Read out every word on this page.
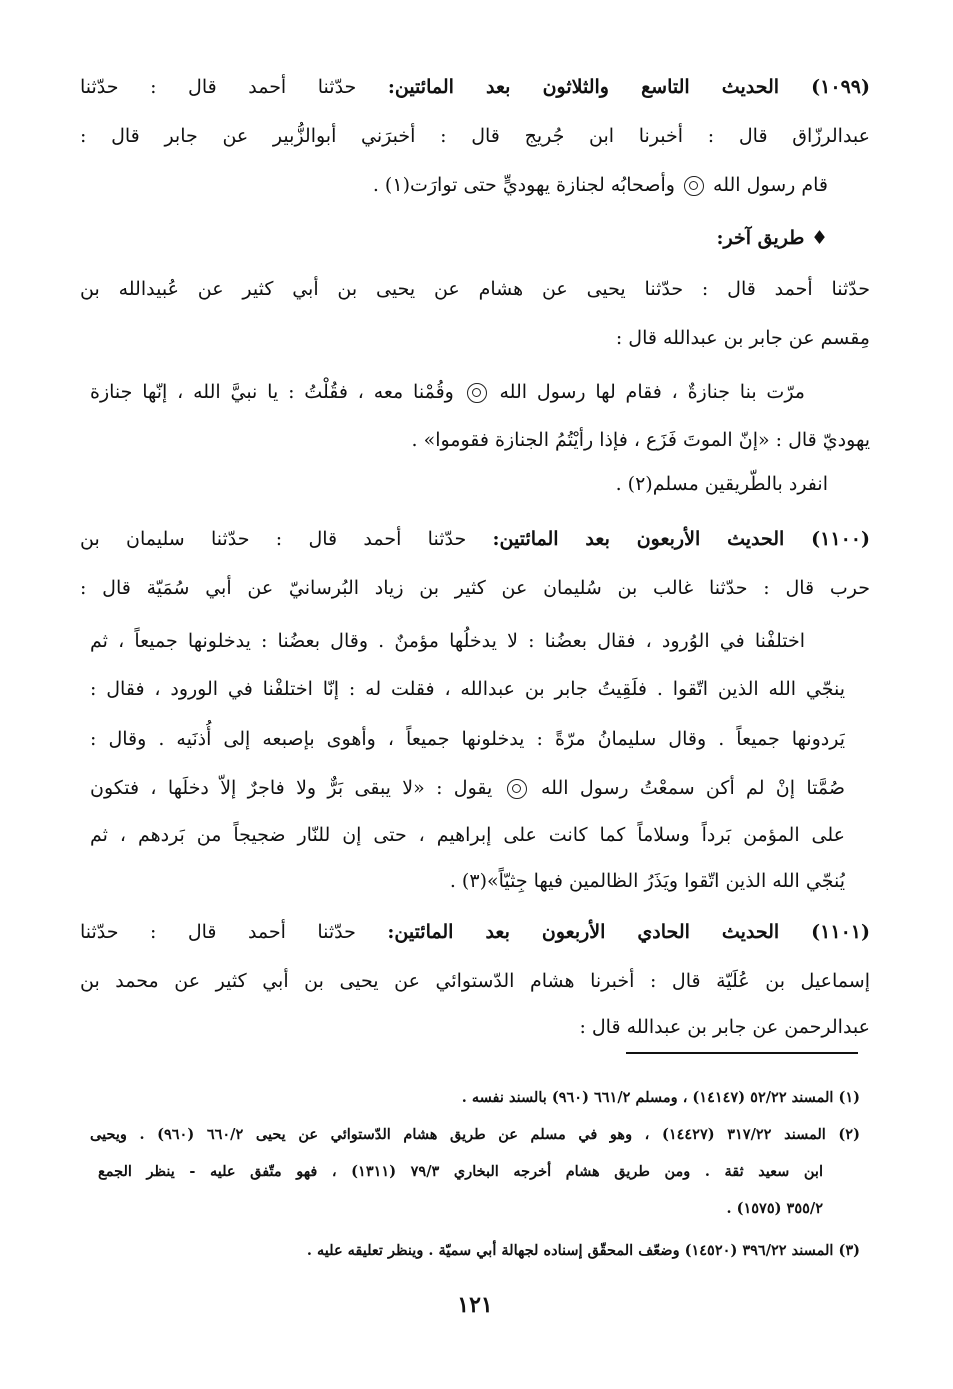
(١٠٩٩) الحديث التاسع والثلاثون بعد المائتين: حدّثنا أحمد قال : حدّثنا
عبدالرزّاق قال : أخبرنا ابن جُريج قال : أخبرَني أبوالزُّبير عن جابر قال :
قام رسول الله  وأصحابُه لجنازة يهوديٍّ حتى توارَت(١) .
♦ طريق آخر:
حدّثنا أحمد قال : حدّثنا يحيى عن هشام عن يحيى بن أبي كثير عن عُبيدالله بن
مِقسم عن جابر بن عبدالله قال :
مرّت بنا جنازةٌ ، فقام لها رسول الله  وقُمْنا معه ، فقُلْتُ : يا نبيَّ الله ، إنّها جنازة
يهوديّ قال : «إنّ الموتَ فَزَع ، فإذا رأيْتُمُ الجنازة فقوموا» .
انفرد بالطّريقين مسلم(٢) .
(١١٠٠) الحديث الأربعون بعد المائتين: حدّثنا أحمد قال : حدّثنا سليمان بن
حرب قال : حدّثنا غالب بن سُليمان عن كثير بن زياد البُرسانيّ عن أبي سُمَيّة قال :
اختلفْنا في الوُرود ، فقال بعضُنا : لا يدخلُها مؤمنٌ . وقال بعضُنا : يدخلونها جميعاً ، ثم
ينجّي الله الذين اتّقوا . فلَقِيتُ جابر بن عبدالله ، فقلت له : إنّا اختلفْنا في الورود ، فقال :
يَردونها جميعاً . وقال سليمانُ مرّةً : يدخلونها جميعاً ، وأهوى بإصبعه إلى أُذنَيه . وقال :
صُمَّتا إنْ لم أكن سمعْتُ رسول الله  يقول : «لا يبقى بَرٌّ ولا فاجرٌ إلاّ دخلَها ، فتكون
على المؤمن بَرداً وسلاماً كما كانت على إبراهيم ، حتى إن للنّار ضجيجاً من بَردهم ، ثم
يُنجّي الله الذين اتّقوا ويَذَرُ الظالمين فيها جِثيّاً»(٣) .
(١١٠١) الحديث الحادي الأربعون بعد المائتين: حدّثنا أحمد قال : حدّثنا
إسماعيل بن عُلَيّة قال : أخبرنا هشام الدّستوائي عن يحيى بن أبي كثير عن محمد بن
عبدالرحمن عن جابر بن عبدالله قال :
(١) المسند ٥٢/٢٢ (١٤١٤٧) ، ومسلم ٦٦١/٢ (٩٦٠) بالسند نفسه .
(٢) المسند ٣١٧/٢٢ (١٤٤٢٧) ، وهو في مسلم عن طريق هشام الدّستوائي عن يحيى ٦٦٠/٢ (٩٦٠) . ويحيى
ابن سعيد ثقة . ومن طريق هشام أخرجه البخاري ٧٩/٣ (١٣١١) ، فهو متّفق عليه - ينظر الجمع
٣٥٥/٢ (١٥٧٥) .
(٣) المسند ٣٩٦/٢٢ (١٤٥٢٠) وضعّف المحقّق إسناده لجهالة أبي سميّة . وينظر تعليقه عليه .
١٢١
